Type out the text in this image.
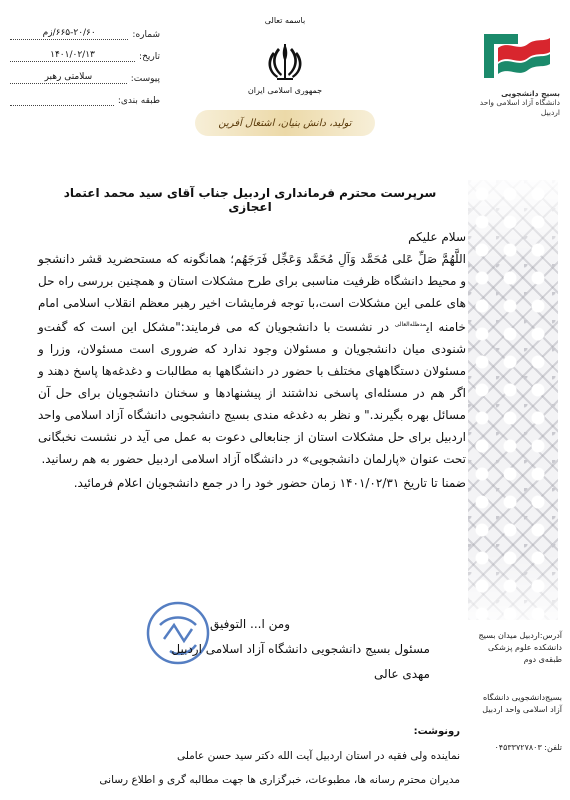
شماره:
۶۶۵-۲۰/۶۰/زم
تاریخ:
۱۴۰۱/۰۲/۱۳
پیوست:
سلامتی رهبر
طبقه بندی:
باسمه تعالی
جمهوری اسلامی ایران
تولید، دانش بنیان، اشتغال آفرین
بسیج دانشجویی
دانشگاه آزاد اسلامی واحد اردبیل
سرپرست محترم فرمانداری اردبیل جناب آقای سید محمد اعتماد اعجازی

سلام علیکم

اللَّهُمَّ صَلِّ عَلی مُحَمَّد وَآلِ مُحَمَّد وَعَجِّل فَرَجَهُم؛ همانگونه که مستحضرید قشر دانشجو و محیط دانشگاه ظرفیت مناسبی برای طرح مشکلات استان و همچنین بررسی راه حل های علمی این مشکلات است،با توجه فرمایشات اخیر رهبر معظم انقلاب اسلامی امام خامنه ای$^{مدظله‌العالی}$ در نشست با دانشجویان که می فرمایند:"مشکل این است که گفت‌و شنودی میان دانشجویان و مسئولان وجود ندارد که ضروری است مسئولان، وزرا و مسئولان دستگاههای مختلف با حضور در دانشگاهها به مطالبات و دغدغه‌ها پاسخ دهند و اگر هم در مسئله‌ای پاسخی نداشتند از پیشنهادها و سخنان دانشجویان برای حل آن مسائل بهره بگیرند." و نظر به دغدغه مندی بسیج دانشجویی دانشگاه آزاد اسلامی واحد اردبیل برای حل مشکلات استان از جنابعالی دعوت به عمل می آید در نشست نخبگانی تحت عنوان «پارلمان دانشجویی» در دانشگاه آزاد اسلامی اردبیل حضور به هم رسانید.

ضمنا تا تاریخ ۱۴۰۱/۰۲/۳۱ زمان حضور خود را در جمع دانشجویان اعلام فرمائید.

ومن ا... التوفیق
مسئول بسیج دانشجویی دانشگاه آزاد اسلامی اردبیل
مهدی عالی
رونوشت:
نماینده ولی فقیه در استان اردبیل آیت الله دکتر سید حسن عاملی
مدیران محترم رسانه ها، مطبوعات، خبرگزاری ها جهت مطالبه گری و اطلاع رسانی
آدرس:اردبیل میدان بسیج دانشکده علوم پزشکی طبقه‌ی دوم
بسیج‌دانشجویی دانشگاه آزاد اسلامی واحد اردبیل
تلفن: ۰۴۵۳۳۷۲۷۸۰۳
